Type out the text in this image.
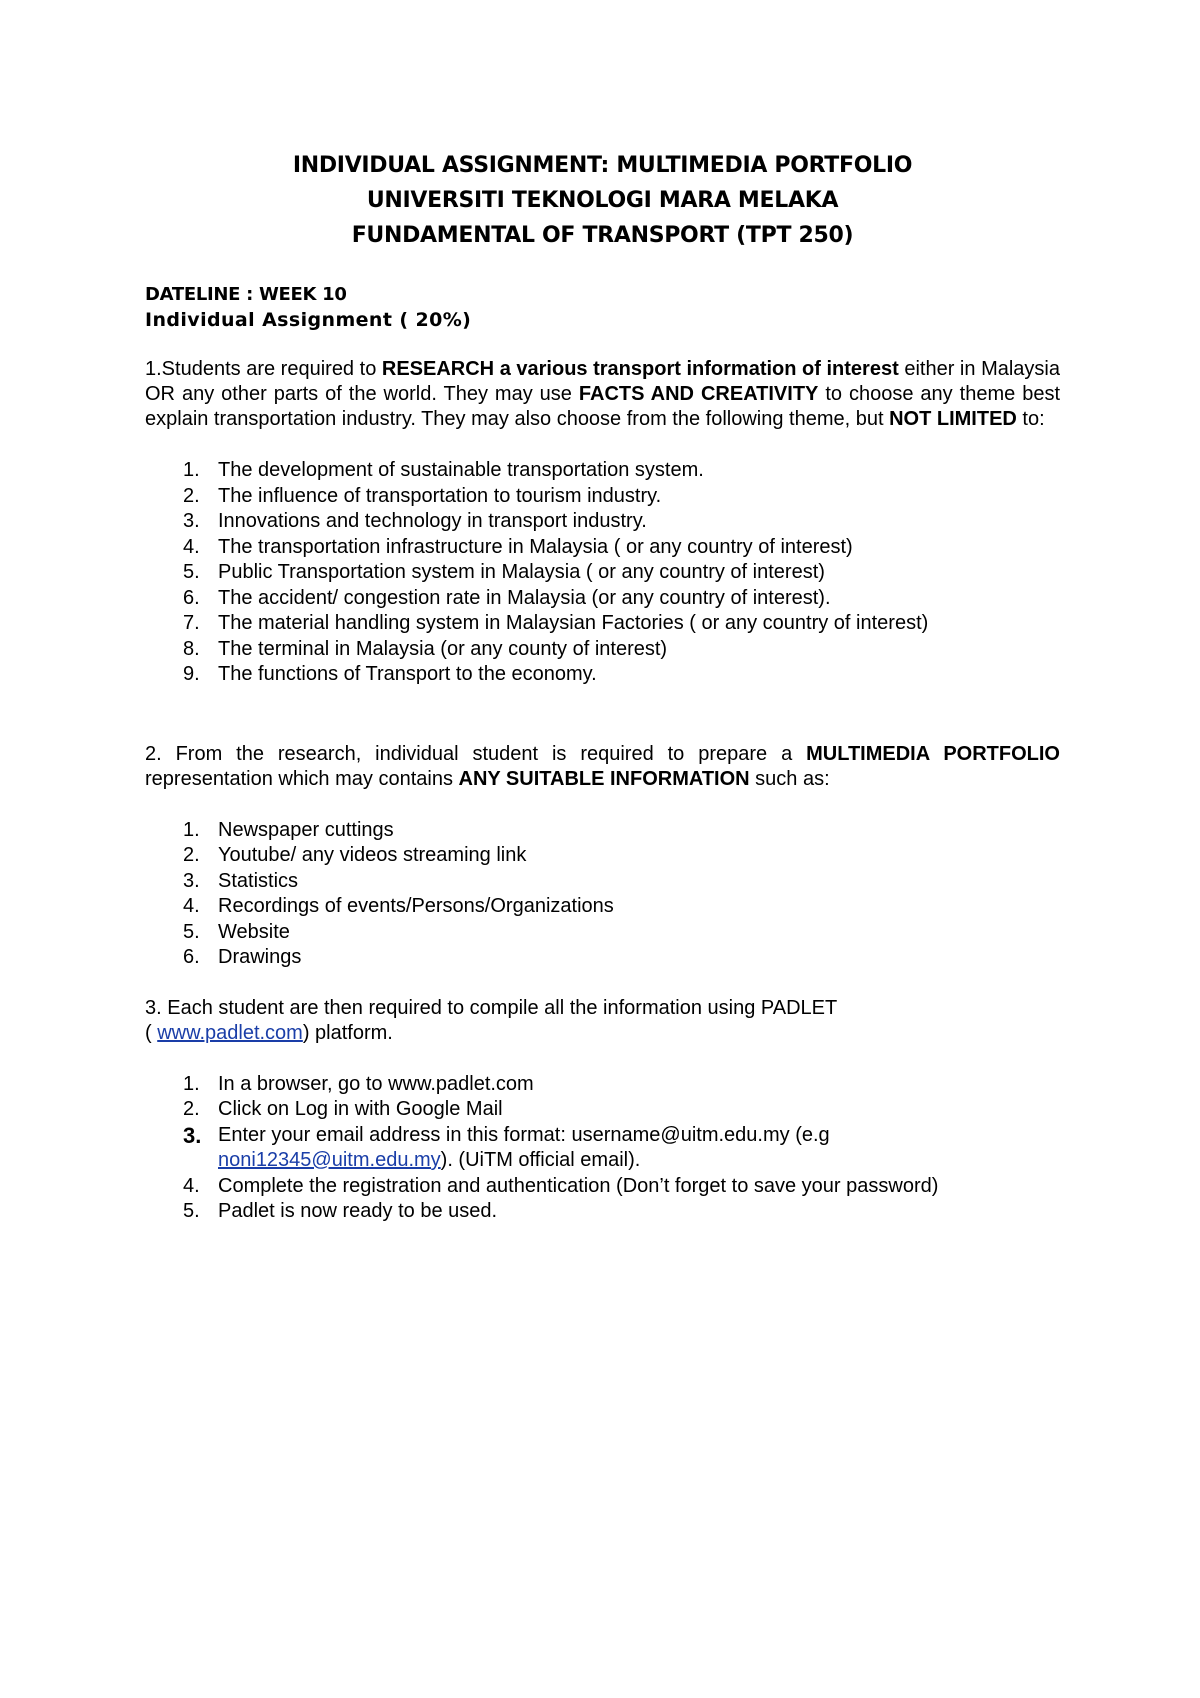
INDIVIDUAL ASSIGNMENT: MULTIMEDIA PORTFOLIO
UNIVERSITI TEKNOLOGI MARA MELAKA
FUNDAMENTAL OF TRANSPORT (TPT 250)
DATELINE : WEEK 10
Individual Assignment ( 20%)

1.Students are required to RESEARCH a various transport information of interest either in Malaysia OR any other parts of the world. They may use FACTS AND CREATIVITY to choose any theme best explain transportation industry. They may also choose from the following theme, but NOT LIMITED to:

1. The development of sustainable transportation system.
2. The influence of transportation to tourism industry.
3. Innovations and technology in transport industry.
4. The transportation infrastructure in Malaysia ( or any country of interest)
5. Public Transportation system in Malaysia ( or any country of interest)
6. The accident/ congestion rate in Malaysia (or any country of interest).
7. The material handling system in Malaysian Factories ( or any country of interest)
8. The terminal in Malaysia (or any county of interest)
9. The functions of Transport to the economy.

2. From the research, individual student is required to prepare a MULTIMEDIA PORTFOLIO representation which may contains ANY SUITABLE INFORMATION such as:

1. Newspaper cuttings
2. Youtube/ any videos streaming link
3. Statistics
4. Recordings of events/Persons/Organizations
5. Website
6. Drawings

3. Each student are then required to compile all the information using PADLET
( www.padlet.com) platform.

1. In a browser, go to www.padlet.com
2. Click on Log in with Google Mail
3. Enter your email address in this format: username@uitm.edu.my (e.g
noni12345@uitm.edu.my). (UiTM official email).
4. Complete the registration and authentication (Don’t forget to save your password)
5. Padlet is now ready to be used.
